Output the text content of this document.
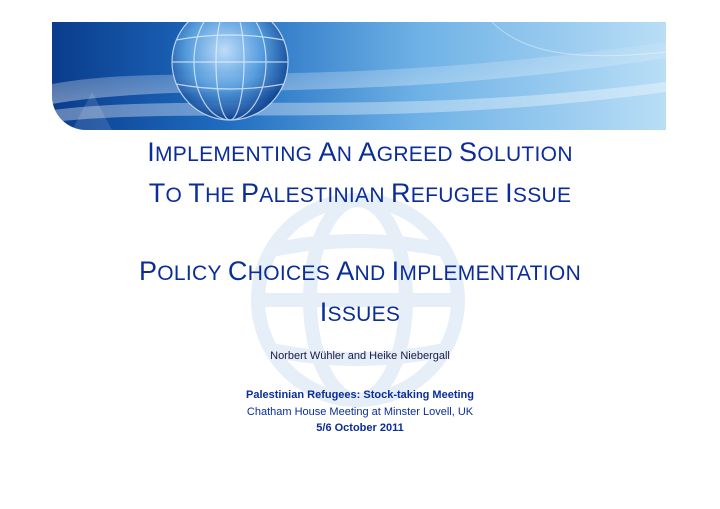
IMPLEMENTING AN AGREED SOLUTION
TO THE PALESTINIAN REFUGEE ISSUE
POLICY CHOICES AND IMPLEMENTATION
ISSUES
Norbert Wühler and Heike Niebergall
Palestinian Refugees: Stock-taking Meeting
Chatham House Meeting at Minster Lovell, UK
5/6 October 2011
